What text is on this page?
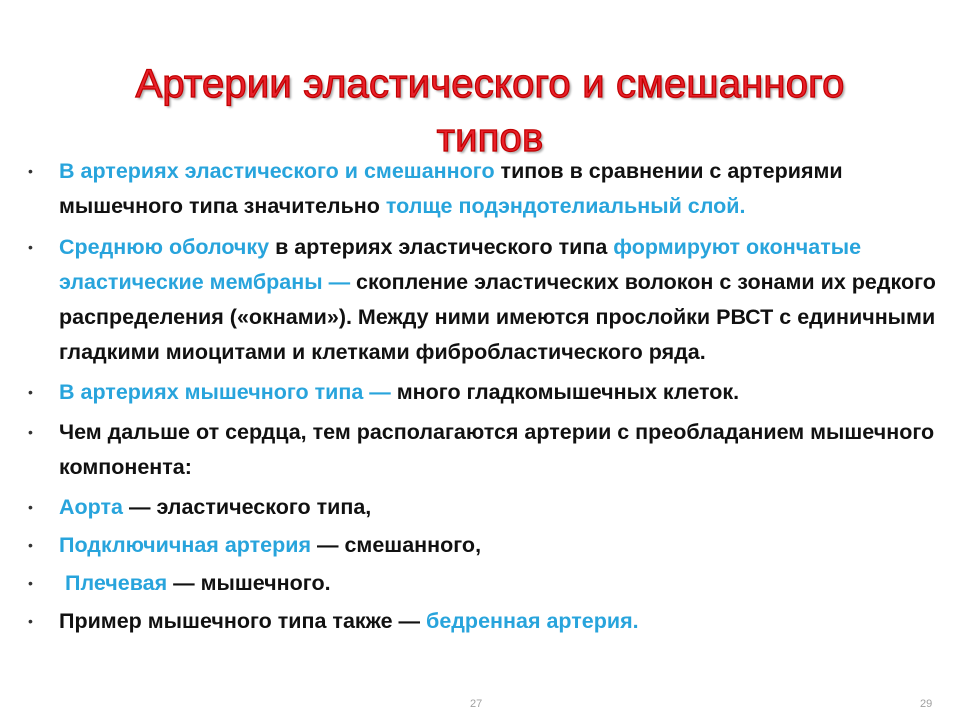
Артерии эластического и смешанного
типов
• В артериях эластического и смешанного типов в сравнении с артериями мышечного типа значительно толще подэндотелиальный слой.
• Среднюю оболочку в артериях эластического типа формируют окончатые эластические мембраны — скопление эластических волокон с зонами их редкого распределения («окнами»). Между ними имеются прослойки РВСТ с единичными гладкими миоцитами и клетками фибробластического ряда.
• В артериях мышечного типа — много гладкомышечных клеток.
• Чем дальше от сердца, тем располагаются артерии с преобладанием мышечного компонента:
• Аорта — эластического типа,
• Подключичная артерия — смешанного,
• Плечевая — мышечного.
• Пример мышечного типа также — бедренная артерия.
27	29
